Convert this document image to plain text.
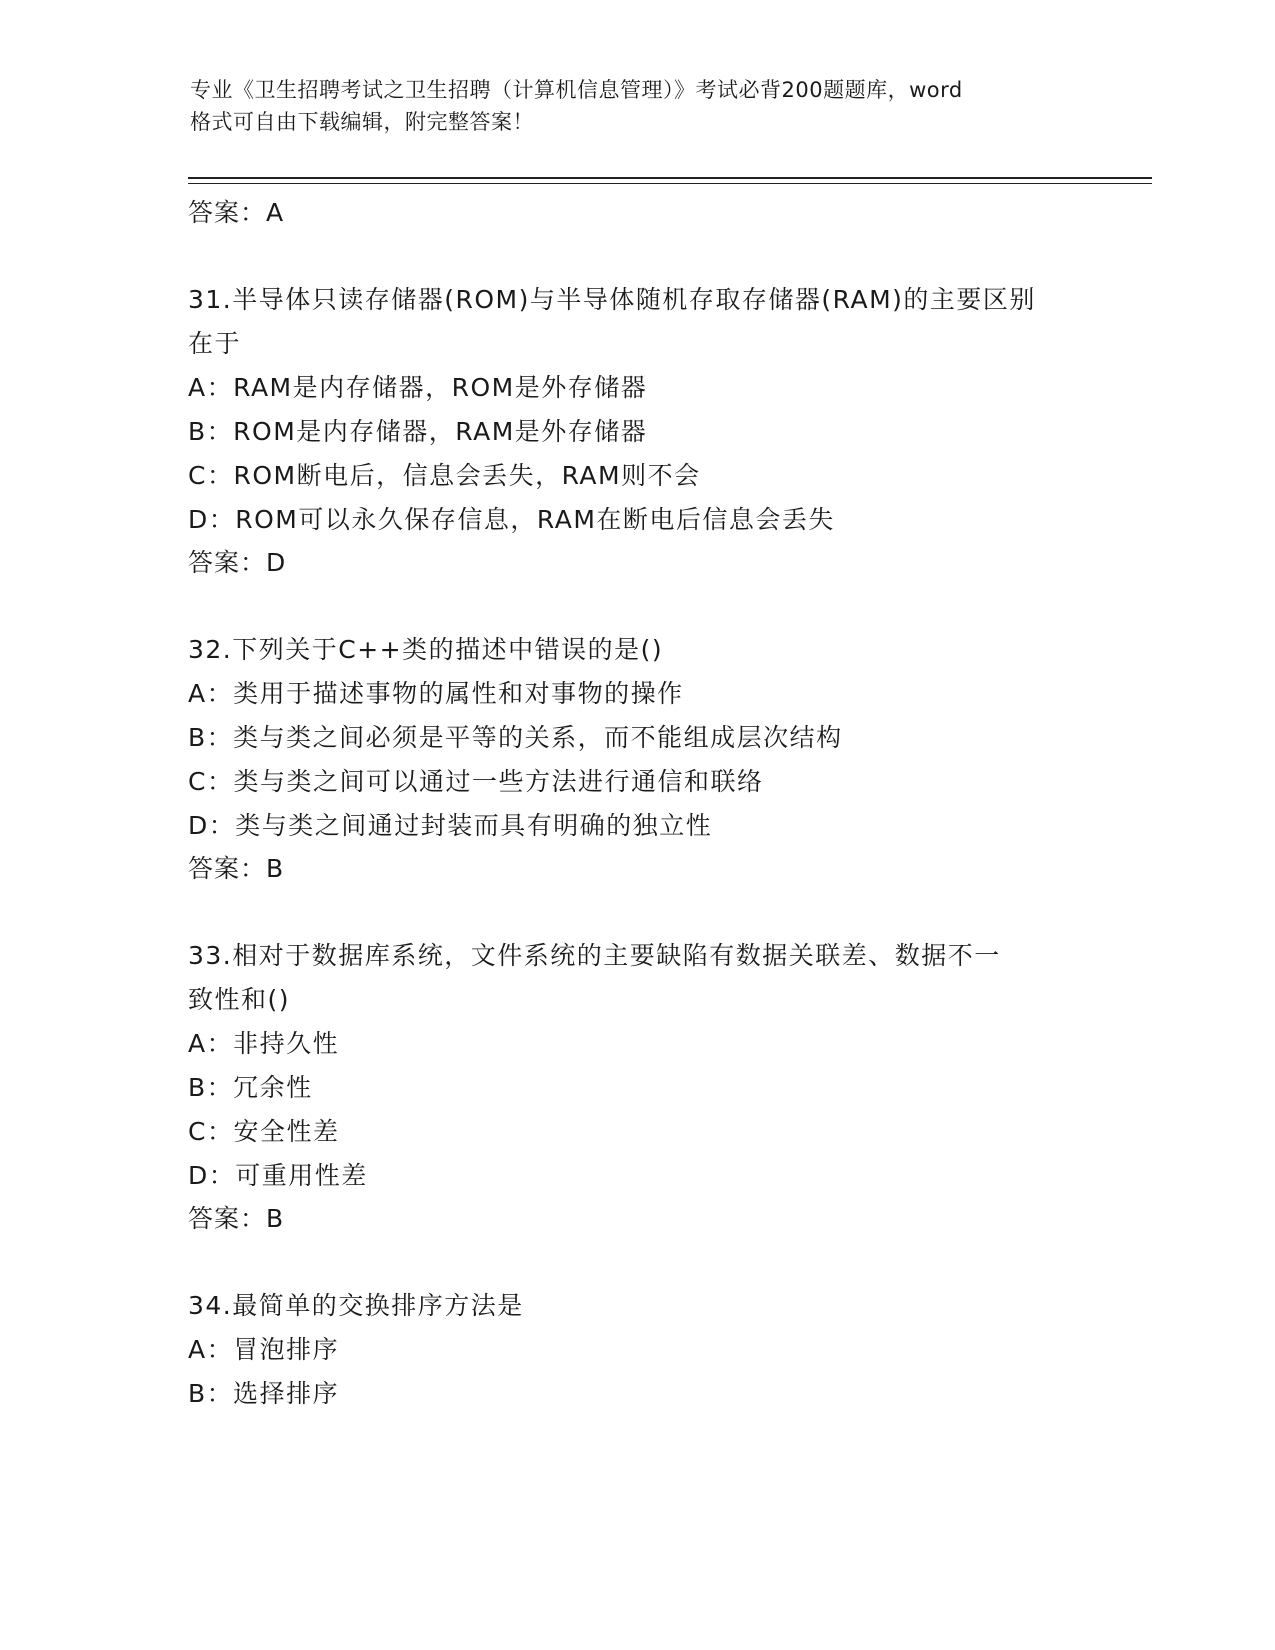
专业《卫生招聘考试之卫生招聘（计算机信息管理）》考试必背200题题库，word
格式可自由下载编辑，附完整答案！
答案：A
31.半导体只读存储器(ROM)与半导体随机存取存储器(RAM)的主要区别
在于
A：RAM是内存储器，ROM是外存储器
B：ROM是内存储器，RAM是外存储器
C：ROM断电后，信息会丢失，RAM则不会
D：ROM可以永久保存信息，RAM在断电后信息会丢失
答案：D
32.下列关于C++类的描述中错误的是()
A：类用于描述事物的属性和对事物的操作
B：类与类之间必须是平等的关系，而不能组成层次结构
C：类与类之间可以通过一些方法进行通信和联络
D：类与类之间通过封装而具有明确的独立性
答案：B
33.相对于数据库系统，文件系统的主要缺陷有数据关联差、数据不一
致性和()
A：非持久性
B：冗余性
C：安全性差
D：可重用性差
答案：B
34.最简单的交换排序方法是
A：冒泡排序
B：选择排序
